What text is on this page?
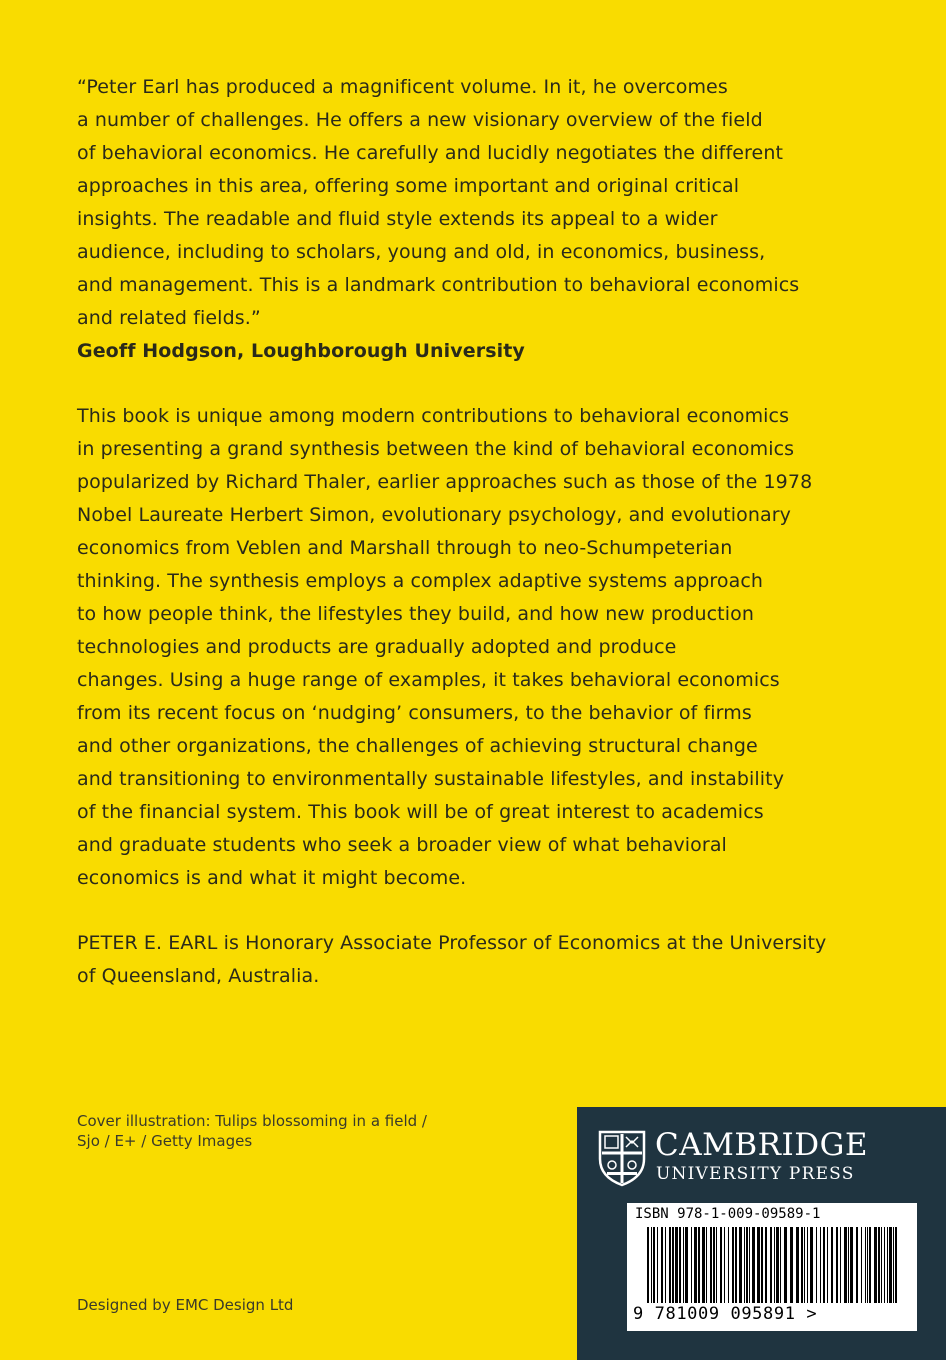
“Peter Earl has produced a magnificent volume. In it, he overcomes
a number of challenges. He offers a new visionary overview of the field
of behavioral economics. He carefully and lucidly negotiates the different
approaches in this area, offering some important and original critical
insights. The readable and fluid style extends its appeal to a wider
audience, including to scholars, young and old, in economics, business,
and management. This is a landmark contribution to behavioral economics
and related fields.”
Geoff Hodgson, Loughborough University
This book is unique among modern contributions to behavioral economics
in presenting a grand synthesis between the kind of behavioral economics
popularized by Richard Thaler, earlier approaches such as those of the 1978
Nobel Laureate Herbert Simon, evolutionary psychology, and evolutionary
economics from Veblen and Marshall through to neo-Schumpeterian
thinking. The synthesis employs a complex adaptive systems approach
to how people think, the lifestyles they build, and how new production
technologies and products are gradually adopted and produce
changes. Using a huge range of examples, it takes behavioral economics
from its recent focus on ‘nudging’ consumers, to the behavior of firms
and other organizations, the challenges of achieving structural change
and transitioning to environmentally sustainable lifestyles, and instability
of the financial system. This book will be of great interest to academics
and graduate students who seek a broader view of what behavioral
economics is and what it might become.
PETER E. EARL is Honorary Associate Professor of Economics at the University
of Queensland, Australia.
Cover illustration: Tulips blossoming in a field /
Sjo / E+ / Getty Images
Designed by EMC Design Ltd
CAMBRIDGE
UNIVERSITY PRESS
ISBN 978-1-009-09589-1
9 781009 095891 >
